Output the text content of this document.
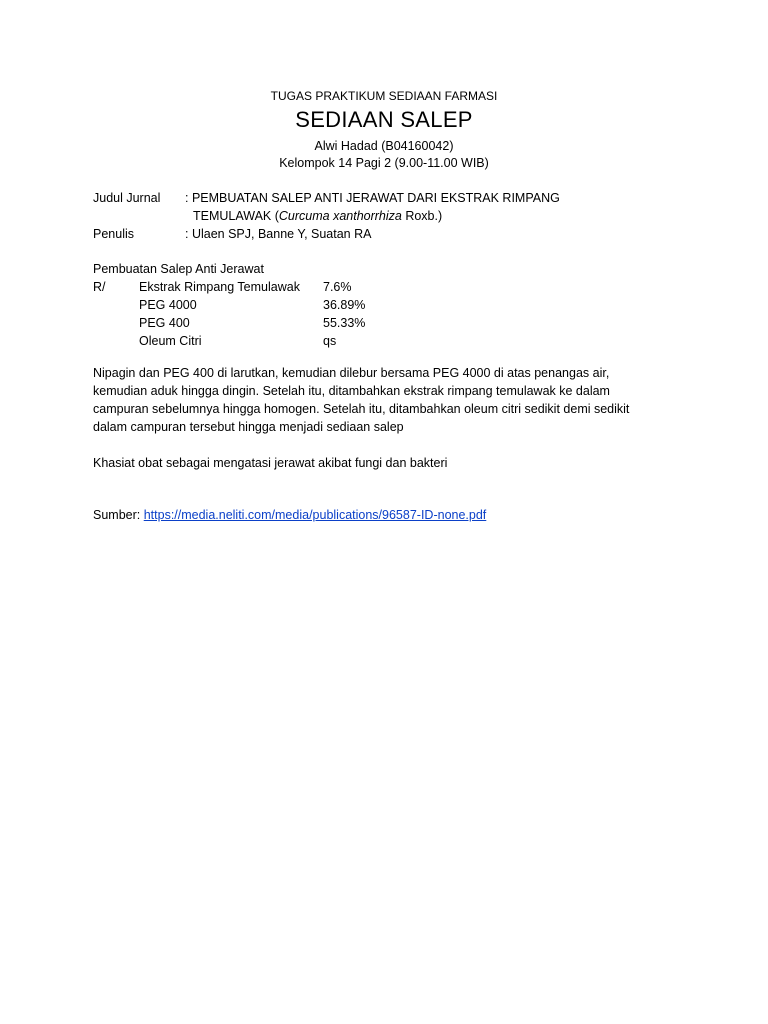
TUGAS PRAKTIKUM SEDIAAN FARMASI
SEDIAAN SALEP
Alwi Hadad (B04160042)
Kelompok 14 Pagi 2 (9.00-11.00 WIB)
Judul Jurnal : PEMBUATAN SALEP ANTI JERAWAT DARI EKSTRAK RIMPANG
TEMULAWAK (Curcuma xanthorrhiza Roxb.)
Penulis	: Ulaen SPJ, Banne Y, Suatan RA
Pembuatan Salep Anti Jerawat
R/	Ekstrak Rimpang Temulawak 7.6%
PEG 4000	36.89%
PEG 400	55.33%
Oleum Citri	qs
Nipagin dan PEG 400 di larutkan, kemudian dilebur bersama PEG 4000 di atas penangas air,
kemudian aduk hingga dingin. Setelah itu, ditambahkan ekstrak rimpang temulawak ke dalam
campuran sebelumnya hingga homogen. Setelah itu, ditambahkan oleum citri sedikit demi sedikit
dalam campuran tersebut hingga menjadi sediaan salep
Khasiat obat sebagai mengatasi jerawat akibat fungi dan bakteri
Sumber: https://media.neliti.com/media/publications/96587-ID-none.pdf
